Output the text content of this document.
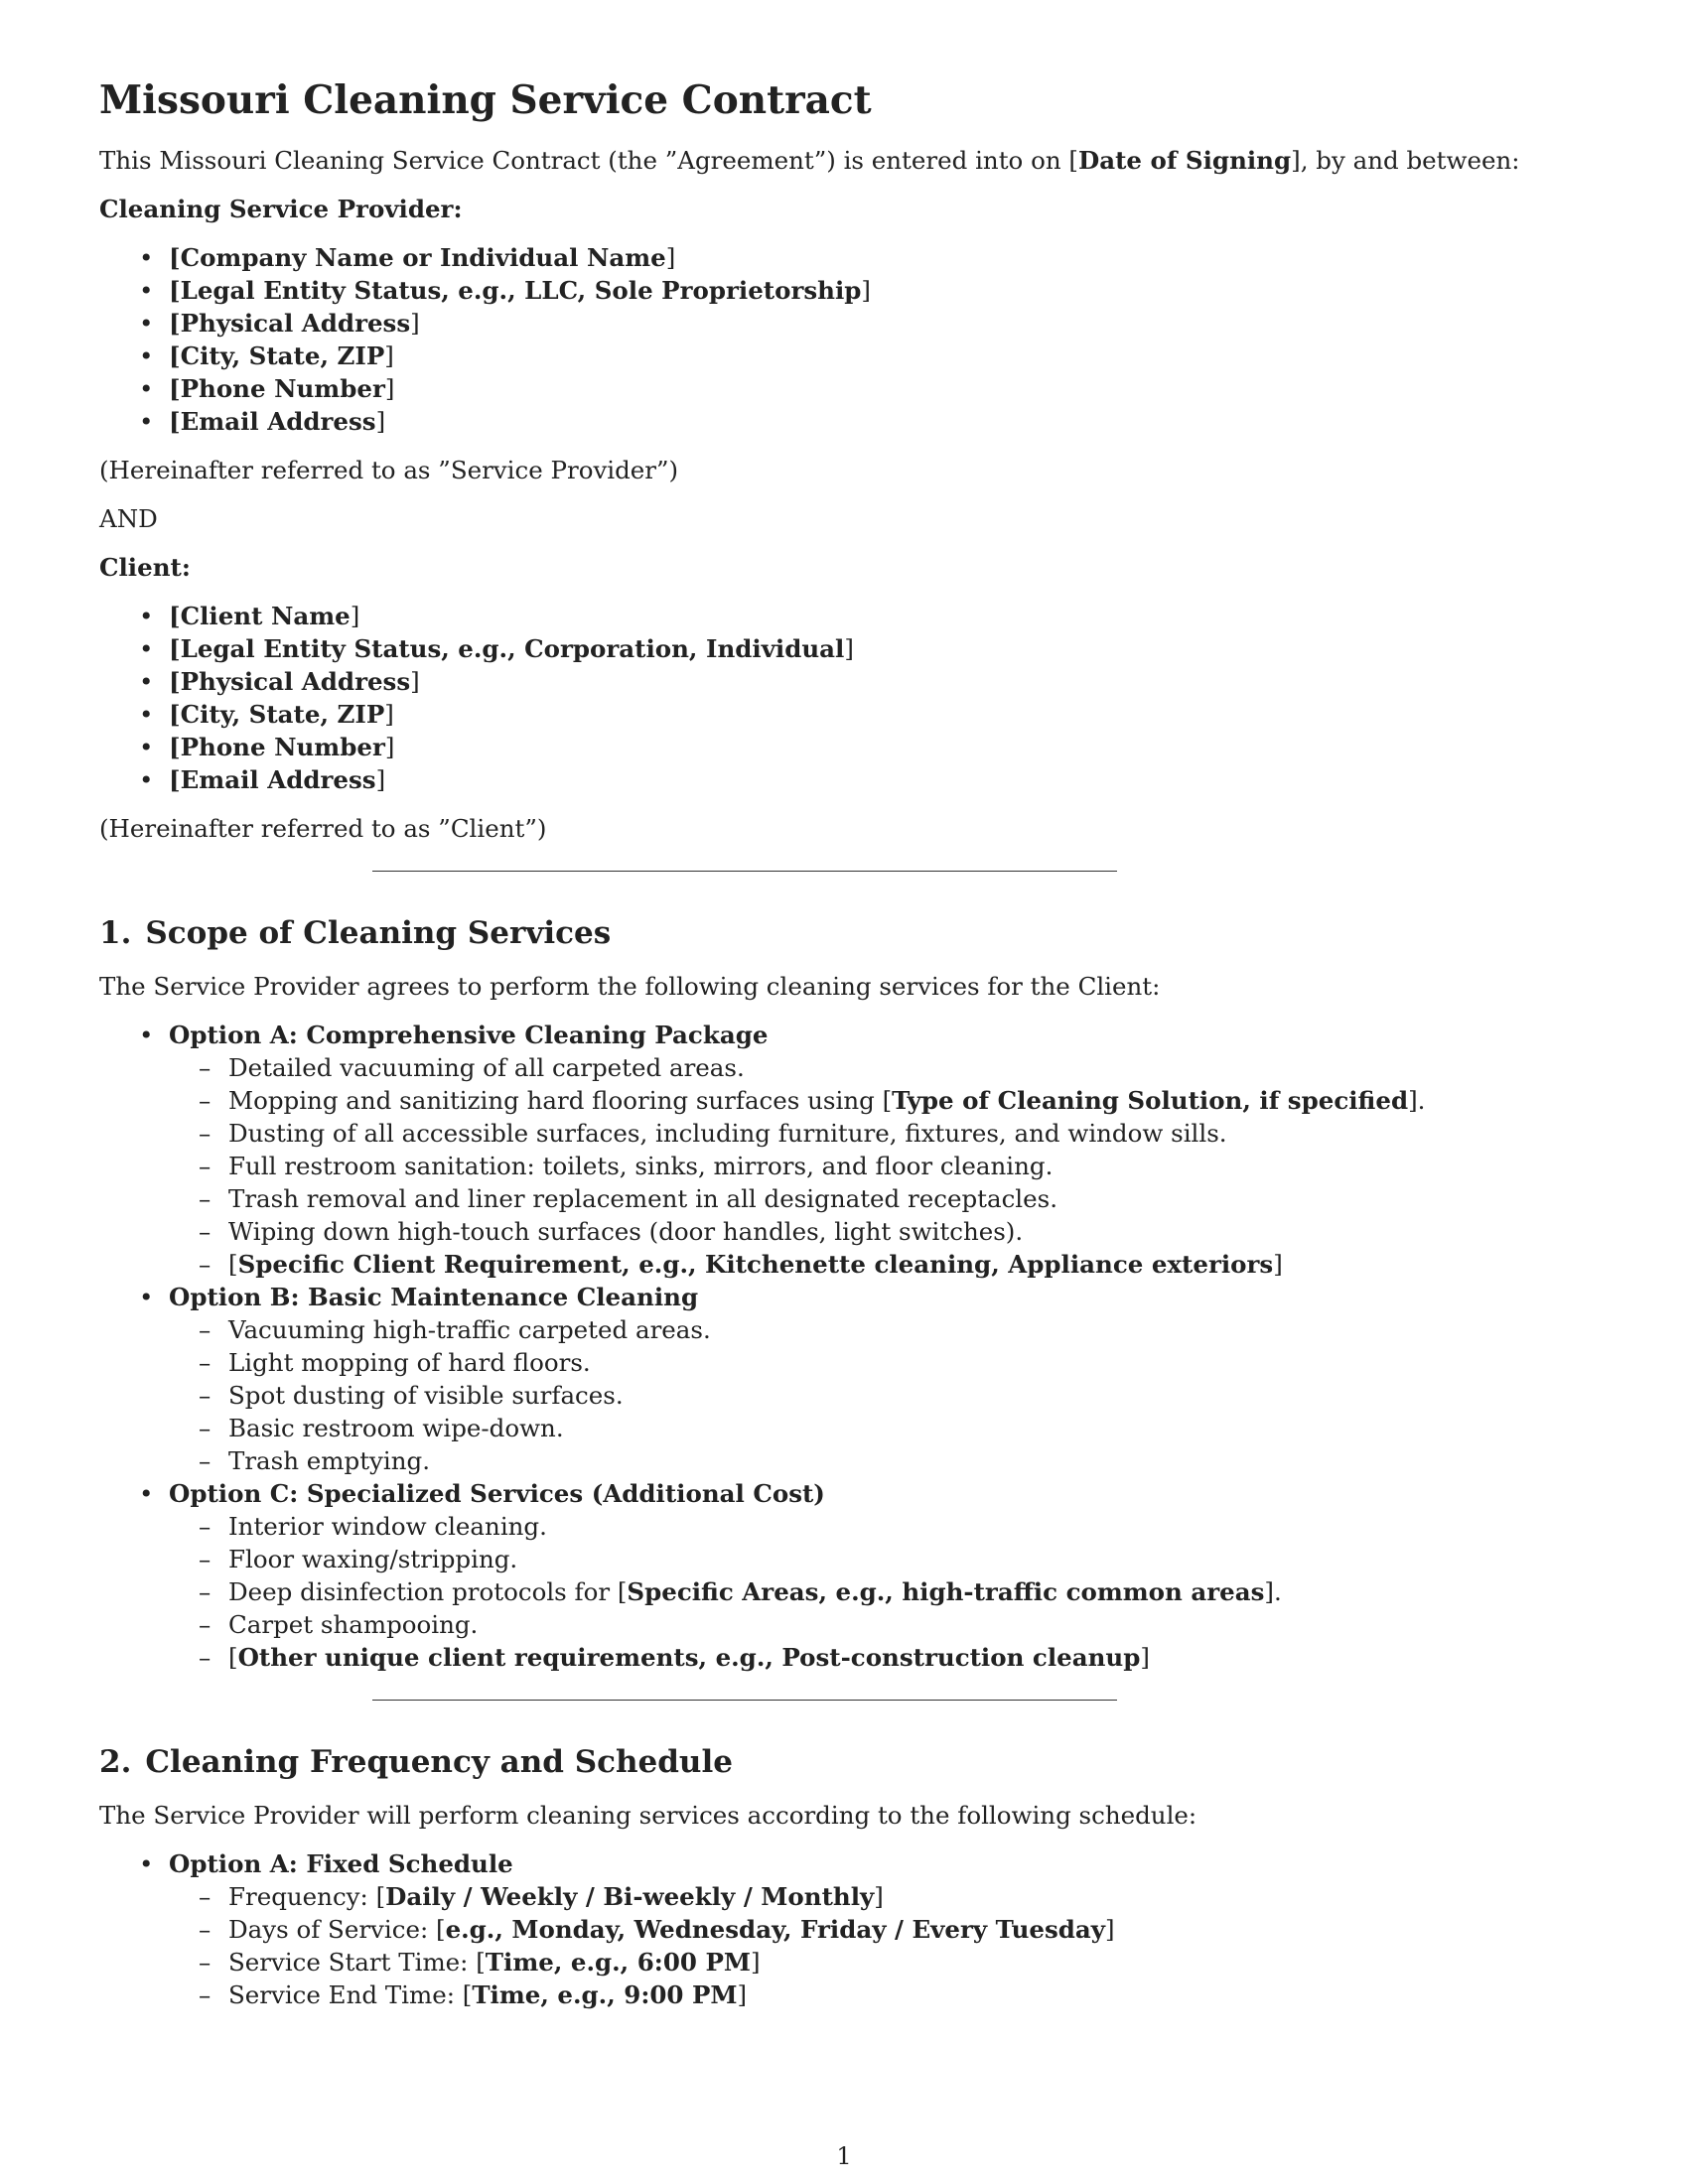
Missouri Cleaning Service Contract

This Missouri Cleaning Service Contract (the ”Agreement”) is entered into on [Date of Signing], by and between:

Cleaning Service Provider:

• [Company Name or Individual Name]
• [Legal Entity Status, e.g., LLC, Sole Proprietorship]
• [Physical Address]
• [City, State, ZIP]
• [Phone Number]
• [Email Address]

(Hereinafter referred to as ”Service Provider”)

AND

Client:

• [Client Name]
• [Legal Entity Status, e.g., Corporation, Individual]
• [Physical Address]
• [City, State, ZIP]
• [Phone Number]
• [Email Address]

(Hereinafter referred to as ”Client”)

1. Scope of Cleaning Services

The Service Provider agrees to perform the following cleaning services for the Client:

• Option A: Comprehensive Cleaning Package
– Detailed vacuuming of all carpeted areas.
– Mopping and sanitizing hard flooring surfaces using [Type of Cleaning Solution, if specified].
– Dusting of all accessible surfaces, including furniture, fixtures, and window sills.
– Full restroom sanitation: toilets, sinks, mirrors, and floor cleaning.
– Trash removal and liner replacement in all designated receptacles.
– Wiping down high-touch surfaces (door handles, light switches).
– [Specific Client Requirement, e.g., Kitchenette cleaning, Appliance exteriors]
• Option B: Basic Maintenance Cleaning
– Vacuuming high-traffic carpeted areas.
– Light mopping of hard floors.
– Spot dusting of visible surfaces.
– Basic restroom wipe-down.
– Trash emptying.
• Option C: Specialized Services (Additional Cost)
– Interior window cleaning.
– Floor waxing/stripping.
– Deep disinfection protocols for [Specific Areas, e.g., high-traffic common areas].
– Carpet shampooing.
– [Other unique client requirements, e.g., Post-construction cleanup]
2. Cleaning Frequency and Schedule

The Service Provider will perform cleaning services according to the following schedule:

• Option A: Fixed Schedule
– Frequency: [Daily / Weekly / Bi-weekly / Monthly]
– Days of Service: [e.g., Monday, Wednesday, Friday / Every Tuesday]
– Service Start Time: [Time, e.g., 6:00 PM]
– Service End Time: [Time, e.g., 9:00 PM]
1
